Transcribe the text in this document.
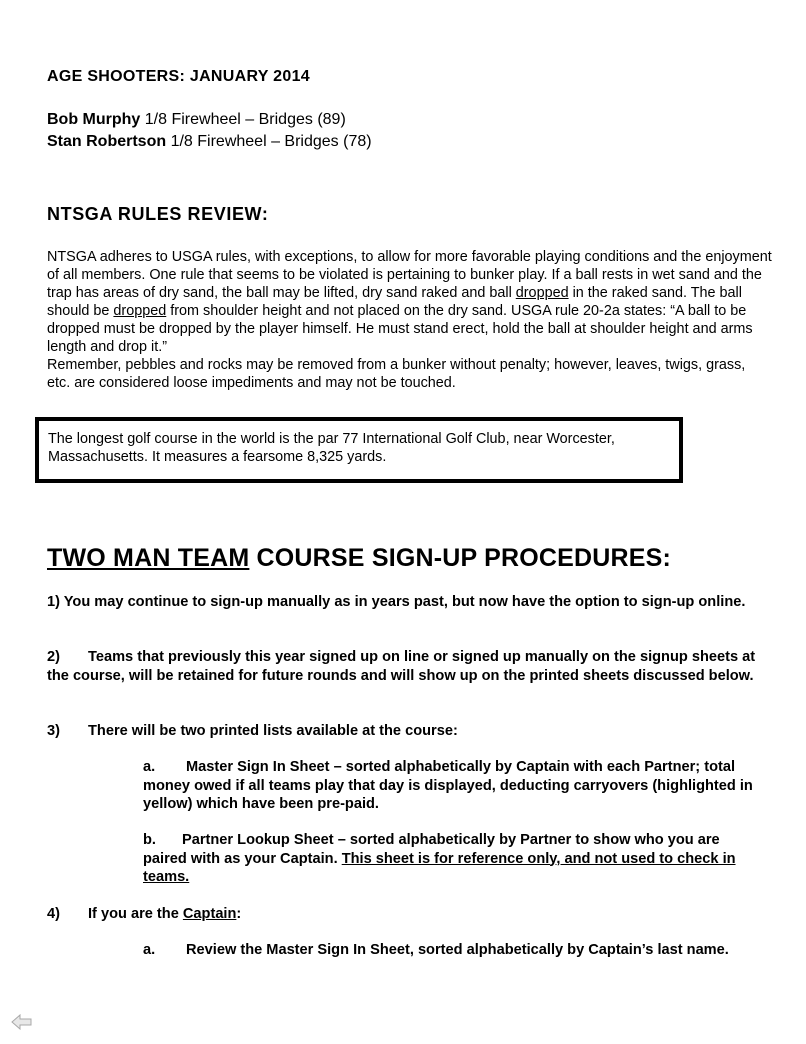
AGE SHOOTERS: JANUARY 2014
Bob Murphy 1/8 Firewheel – Bridges (89)
Stan Robertson 1/8 Firewheel – Bridges (78)
NTSGA RULES REVIEW:

NTSGA adheres to USGA rules, with exceptions, to allow for more favorable playing conditions and the enjoyment of all members. One rule that seems to be violated is pertaining to bunker play. If a ball rests in wet sand and the trap has areas of dry sand, the ball may be lifted, dry sand raked and ball dropped in the raked sand. The ball should be dropped from shoulder height and not placed on the dry sand. USGA rule 20-2a states: “A ball to be dropped must be dropped by the player himself. He must stand erect, hold the ball at shoulder height and arms length and drop it.”

Remember, pebbles and rocks may be removed from a bunker without penalty; however, leaves, twigs, grass, etc. are considered loose impediments and may not be touched.

The longest golf course in the world is the par 77 International Golf Club, near Worcester, Massachusetts. It measures a fearsome 8,325 yards.

TWO MAN TEAM COURSE SIGN-UP PROCEDURES:

1) You may continue to sign-up manually as in years past, but now have the option to sign-up online.

2) Teams that previously this year signed up on line or signed up manually on the signup sheets at the course, will be retained for future rounds and will show up on the printed sheets discussed below.

3) There will be two printed lists available at the course:

a. Master Sign In Sheet – sorted alphabetically by Captain with each Partner; total money owed if all teams play that day is displayed, deducting carryovers (highlighted in yellow) which have been pre-paid.

b. Partner Lookup Sheet – sorted alphabetically by Partner to show who you are paired with as your Captain. This sheet is for reference only, and not used to check in teams.

4) If you are the Captain:

a. Review the Master Sign In Sheet, sorted alphabetically by Captain’s last name.
